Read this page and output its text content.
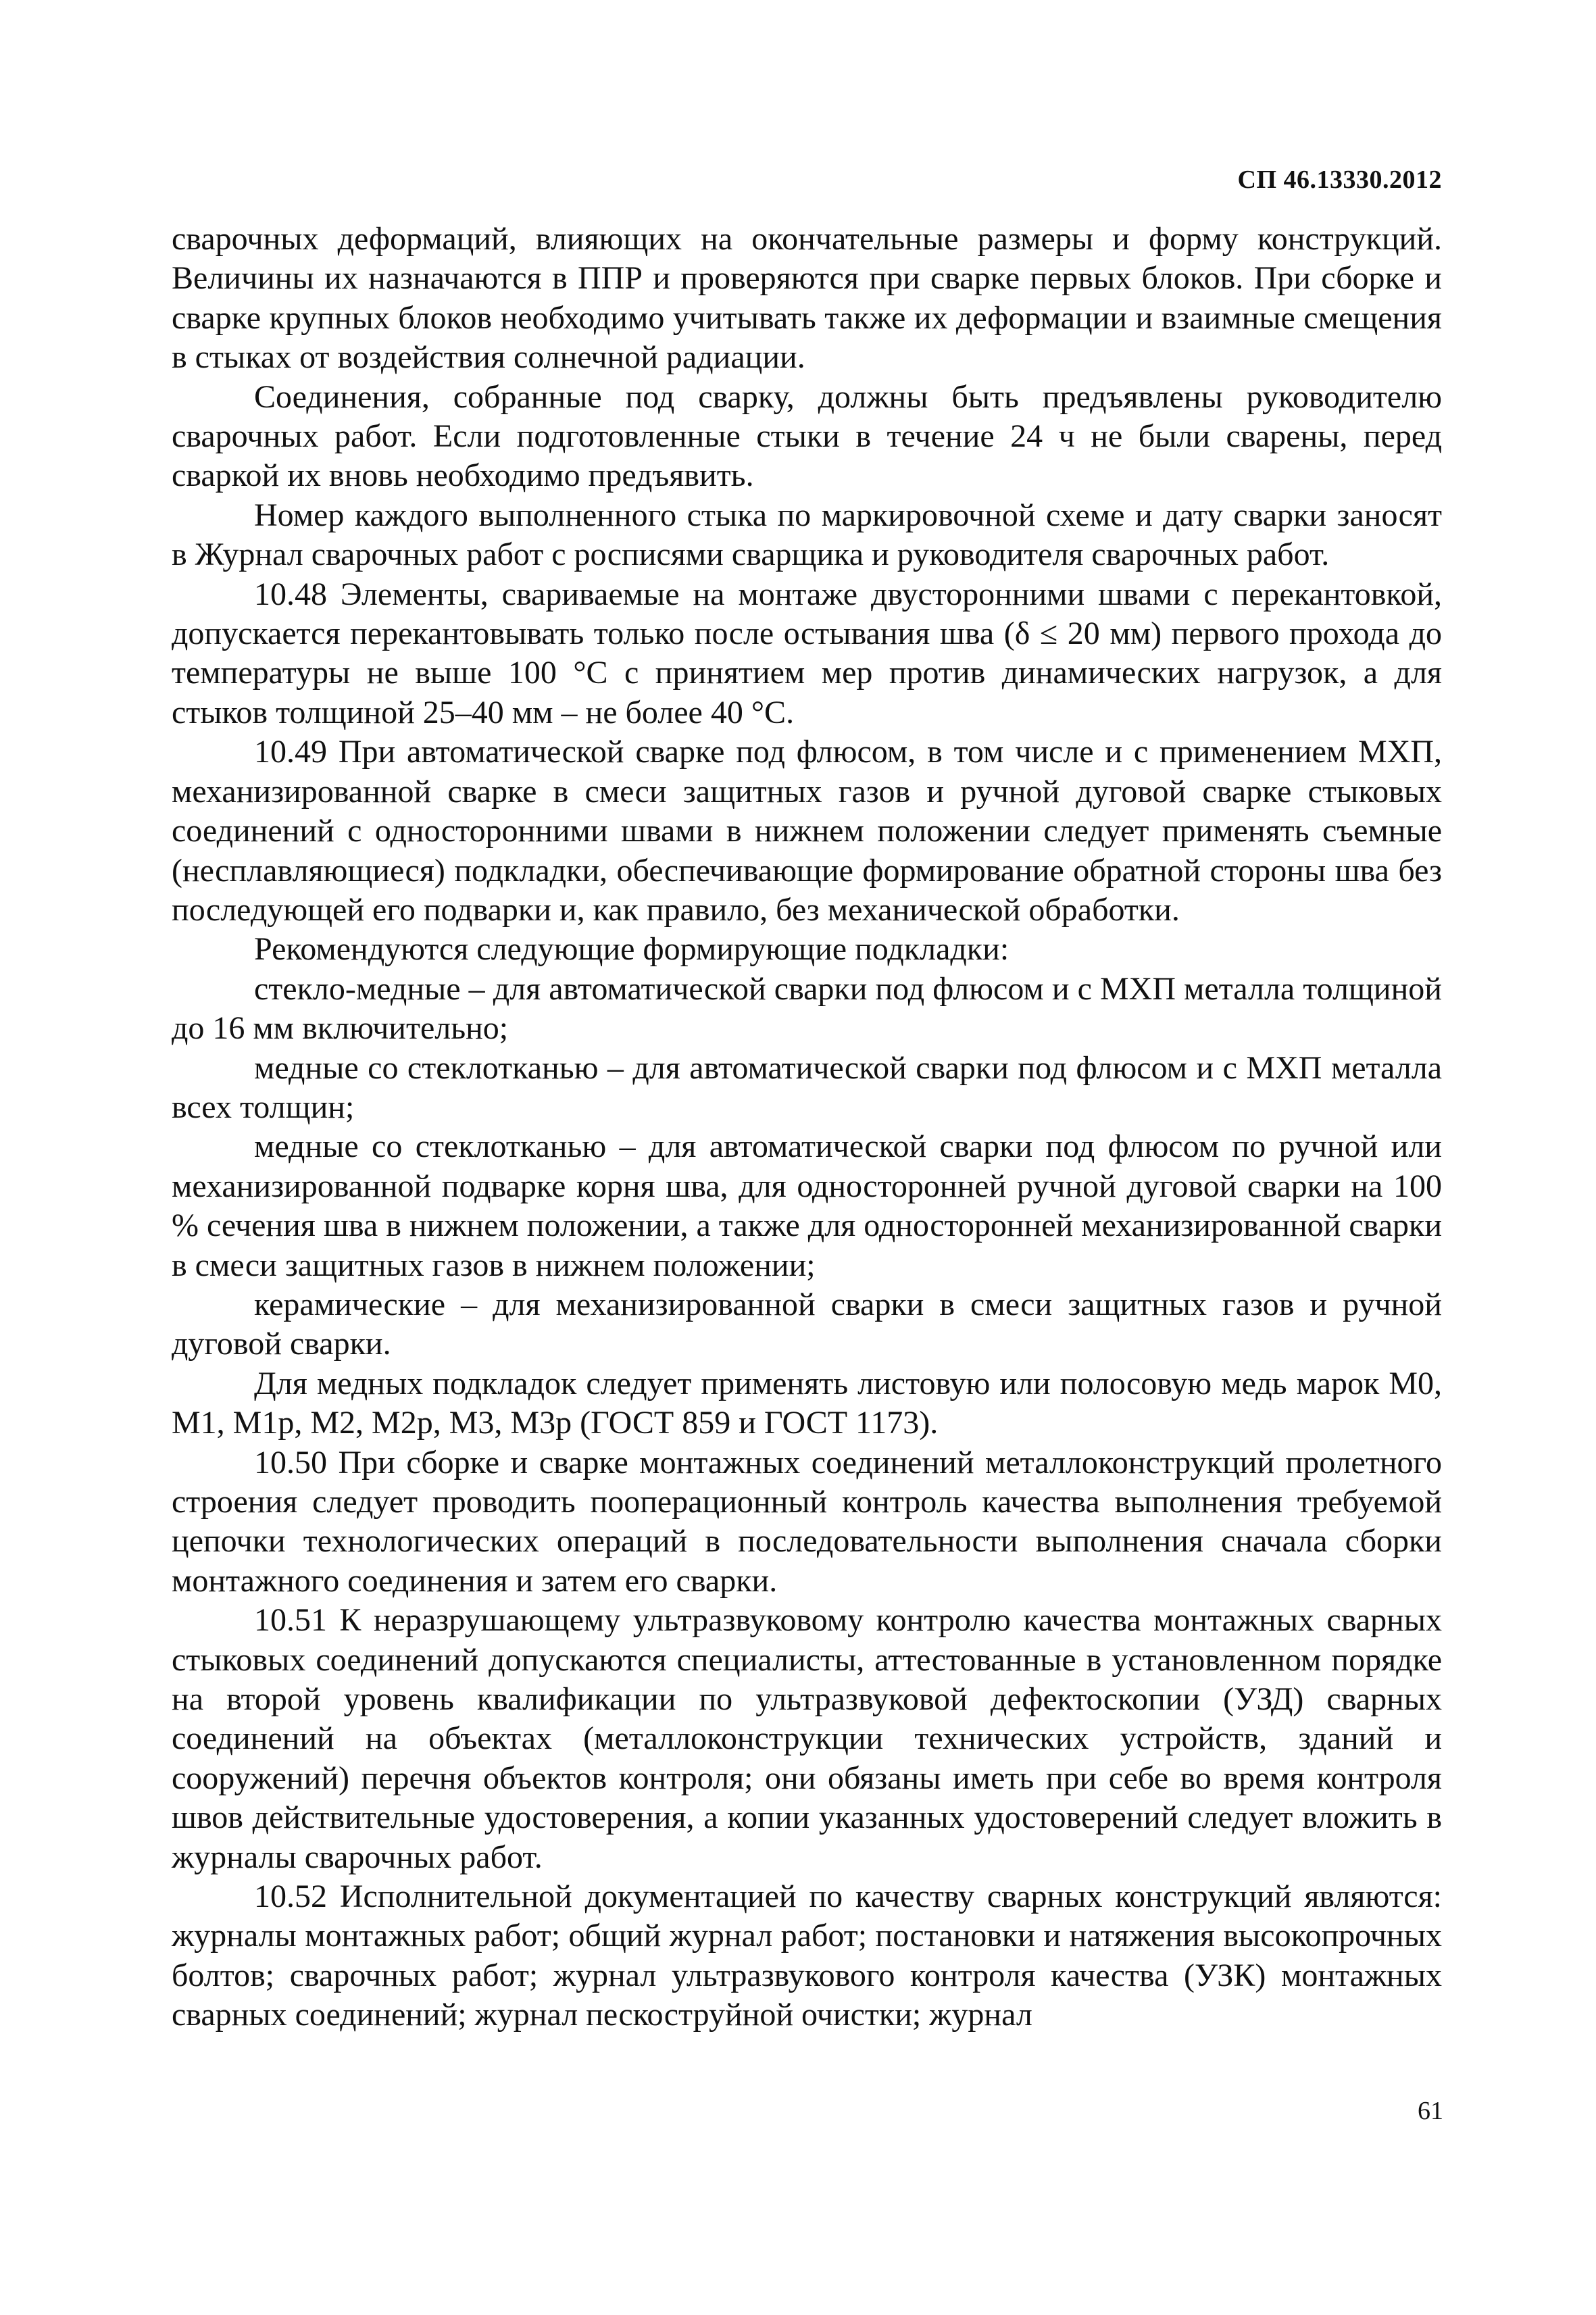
СП 46.13330.2012

сварочных деформаций, влияющих на окончательные размеры и форму конструкций. Величины их назначаются в ППР и проверяются при сварке первых блоков. При сборке и сварке крупных блоков необходимо учитывать также их деформации и взаимные смещения в стыках от воздействия солнечной радиации.

Соединения, собранные под сварку, должны быть предъявлены руководителю сварочных работ. Если подготовленные стыки в течение 24 ч не были сварены, перед сваркой их вновь необходимо предъявить.

Номер каждого выполненного стыка по маркировочной схеме и дату сварки заносят в Журнал сварочных работ с росписями сварщика и руководителя сварочных работ.

10.48 Элементы, свариваемые на монтаже двусторонними швами с перекантовкой, допускается перекантовывать только после остывания шва (δ ≤ 20 мм) первого прохода до температуры не выше 100 °С с принятием мер против динамических нагрузок, а для стыков толщиной 25–40 мм – не более 40 °С.

10.49 При автоматической сварке под флюсом, в том числе и с применением МХП, механизированной сварке в смеси защитных газов и ручной дуговой сварке стыковых соединений с односторонними швами в нижнем положении следует применять съемные (несплавляющиеся) подкладки, обеспечивающие формирование обратной стороны шва без последующей его подварки и, как правило, без механической обработки.

Рекомендуются следующие формирующие подкладки:

стекло-медные – для автоматической сварки под флюсом и с МХП металла толщиной до 16 мм включительно;

медные со стеклотканью – для автоматической сварки под флюсом и с МХП металла всех толщин;

медные со стеклотканью – для автоматической сварки под флюсом по ручной или механизированной подварке корня шва, для односторонней ручной дуговой сварки на 100 % сечения шва в нижнем положении, а также для односторонней механизированной сварки в смеси защитных газов в нижнем положении;

керамические – для механизированной сварки в смеси защитных газов и ручной дуговой сварки.

Для медных подкладок следует применять листовую или полосовую медь марок М0, М1, М1р, М2, М2р, М3, М3р (ГОСТ 859 и ГОСТ 1173).

10.50 При сборке и сварке монтажных соединений металлоконструкций пролетного строения следует проводить пооперационный контроль качества выполнения требуемой цепочки технологических операций в последовательности выполнения сначала сборки монтажного соединения и затем его сварки.

10.51 К неразрушающему ультразвуковому контролю качества монтажных сварных стыковых соединений допускаются специалисты, аттестованные в установленном порядке на второй уровень квалификации по ультразвуковой дефектоскопии (УЗД) сварных соединений на объектах (металлоконструкции технических устройств, зданий и сооружений) перечня объектов контроля; они обязаны иметь при себе во время контроля швов действительные удостоверения, а копии указанных удостоверений следует вложить в журналы сварочных работ.

10.52 Исполнительной документацией по качеству сварных конструкций являются: журналы монтажных работ; общий журнал работ; постановки и натяжения высокопрочных болтов; сварочных работ; журнал ультразвукового контроля качества (УЗК) монтажных сварных соединений; журнал пескоструйной очистки; журнал

61
